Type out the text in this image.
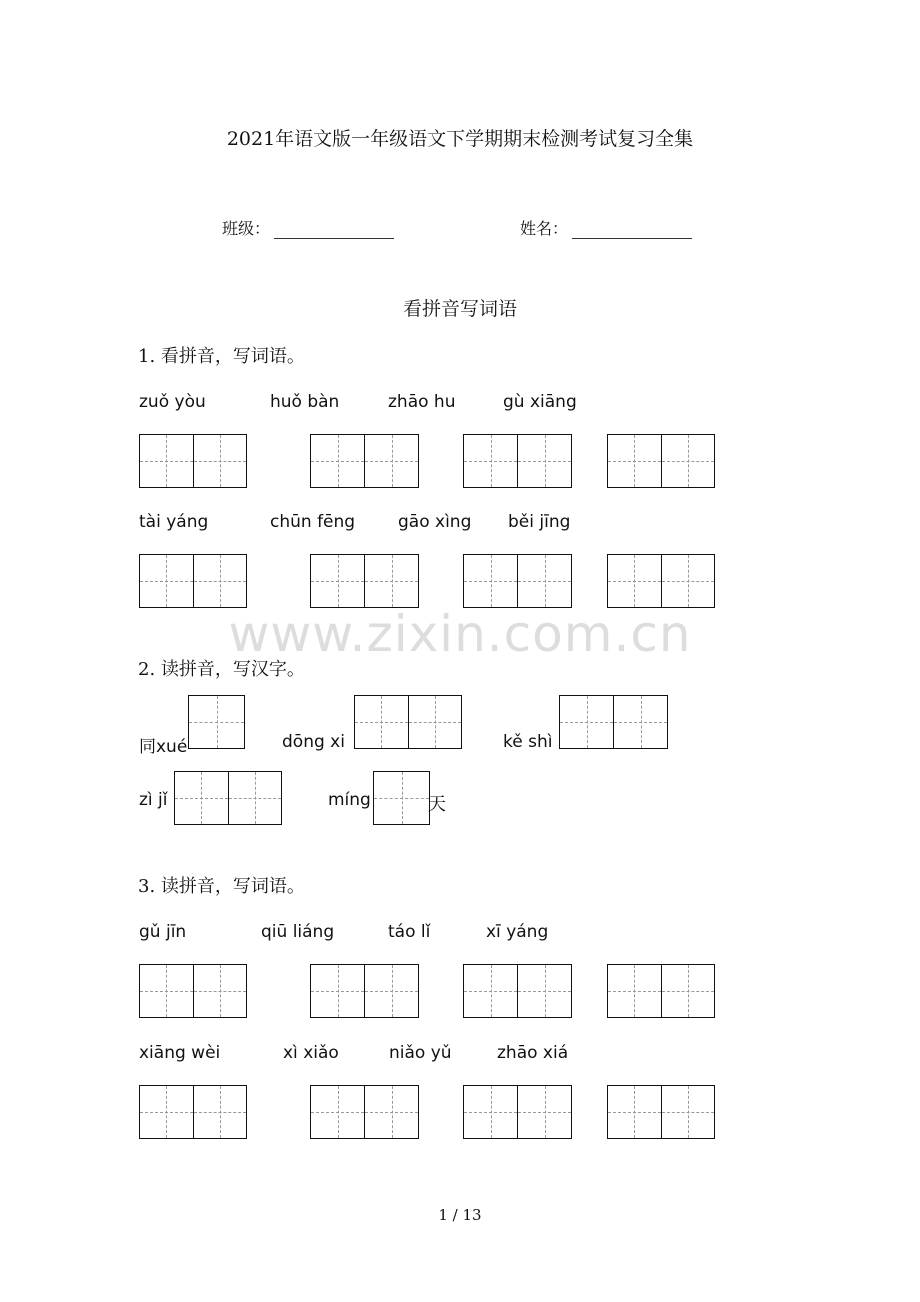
2021年语文版一年级语文下学期期末检测考试复习全集
班级：	姓名：
看拼音写词语
1. 看拼音，写词语。
zuǒ yòu	huǒ bàn	zhāo hu	gù xiāng
tài yáng	chūn fēng	gāo xìng běi jīng
www.zixin.com.cn
2. 读拼音，写汉字。
同xué	dōng xi	kě shì
zì jǐ	míng	天
3. 读拼音，写词语。
gǔ jīn	qiū liáng	táo lǐ	xī yáng
xiāng wèi	xì xiǎo	niǎo yǔ	zhāo xiá
1 / 13
